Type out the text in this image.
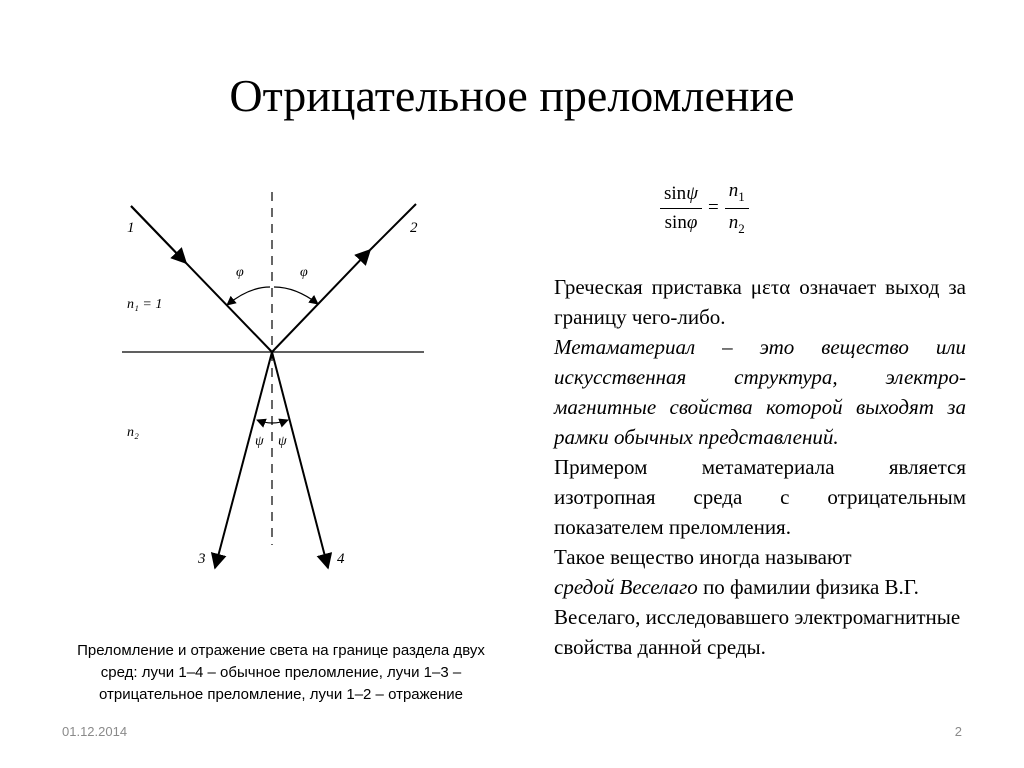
Отрицательное преломление
1	2
3	4
φ	φ
ψ ψ
n₁ = 1
n₂
Преломление и отражение света на границе раздела двух
сред: лучи 1–4 – обычное преломление, лучи 1–3 –
отрицательное преломление, лучи 1–2 – отражение
$\frac{\sin\psi}{\sin\varphi} = \frac{n_1}{n_2}$

Греческая приставка μετα означает выход за границу чего-либо.

Метаматериал – это вещество или искусственная структура, электро-магнитные свойства которой выходят за рамки обычных представлений.

Примером метаматериала является изотропная среда с отрицательным показателем преломления.

Такое вещество иногда называют
средой Веселаго по фамилии физика В.Г. Веселаго, исследовавшего электромагнитные свойства данной среды.

01.12.2014	2
